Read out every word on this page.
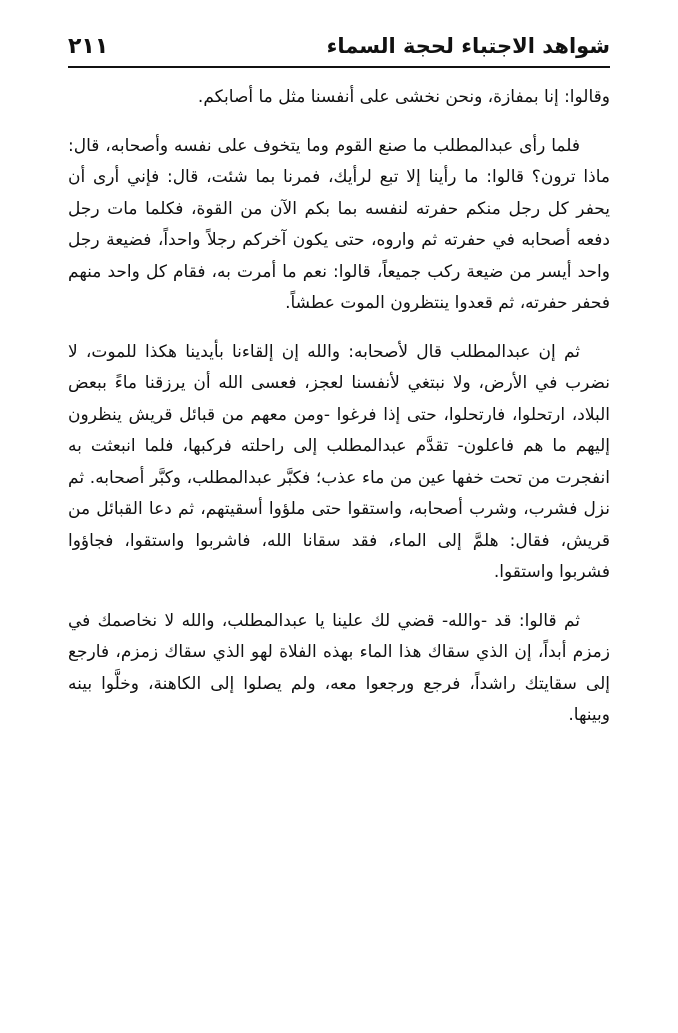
شواهد الاجتباء لحجة السماء
٢١١

وقالوا: إنا بمفازة، ونحن نخشى على أنفسنا مثل ما أصابكم.

فلما رأى عبدالمطلب ما صنع القوم وما يتخوف على نفسه وأصحابه، قال: ماذا ترون؟ قالوا: ما رأينا إلا تبع لرأيك، فمرنا بما شئت، قال: فإني أرى أن يحفر كل رجل منكم حفرته لنفسه بما بكم الآن من القوة، فكلما مات رجل دفعه أصحابه في حفرته ثم واروه، حتى يكون آخركم رجلاً واحداً، فضيعة رجل واحد أيسر من ضيعة ركب جميعاً، قالوا: نعم ما أمرت به، فقام كل واحد منهم فحفر حفرته، ثم قعدوا ينتظرون الموت عطشاً.

ثم إن عبدالمطلب قال لأصحابه: والله إن إلقاءنا بأيدينا هكذا للموت، لا نضرب في الأرض، ولا نبتغي لأنفسنا لعجز، فعسى الله أن يرزقنا ماءً ببعض البلاد، ارتحلوا، فارتحلوا، حتى إذا فرغوا -ومن معهم من قبائل قريش ينظرون إليهم ما هم فاعلون- تقدَّم عبدالمطلب إلى راحلته فركبها، فلما انبعثت به انفجرت من تحت خفها عين من ماء عذب؛ فكبَّر عبدالمطلب، وكبَّر أصحابه. ثم نزل فشرب، وشرب أصحابه، واستقوا حتى ملؤوا أسقيتهم، ثم دعا القبائل من قريش، فقال: هلمَّ إلى الماء، فقد سقانا الله، فاشربوا واستقوا، فجاؤوا فشربوا واستقوا.

ثم قالوا: قد -والله- قضي لك علينا يا عبدالمطلب، والله لا نخاصمك في زمزم أبداً، إن الذي سقاك هذا الماء بهذه الفلاة لهو الذي سقاك زمزم، فارجع إلى سقايتك راشداً، فرجع ورجعوا معه، ولم يصلوا إلى الكاهنة، وخلَّوا بينه وبينها.
